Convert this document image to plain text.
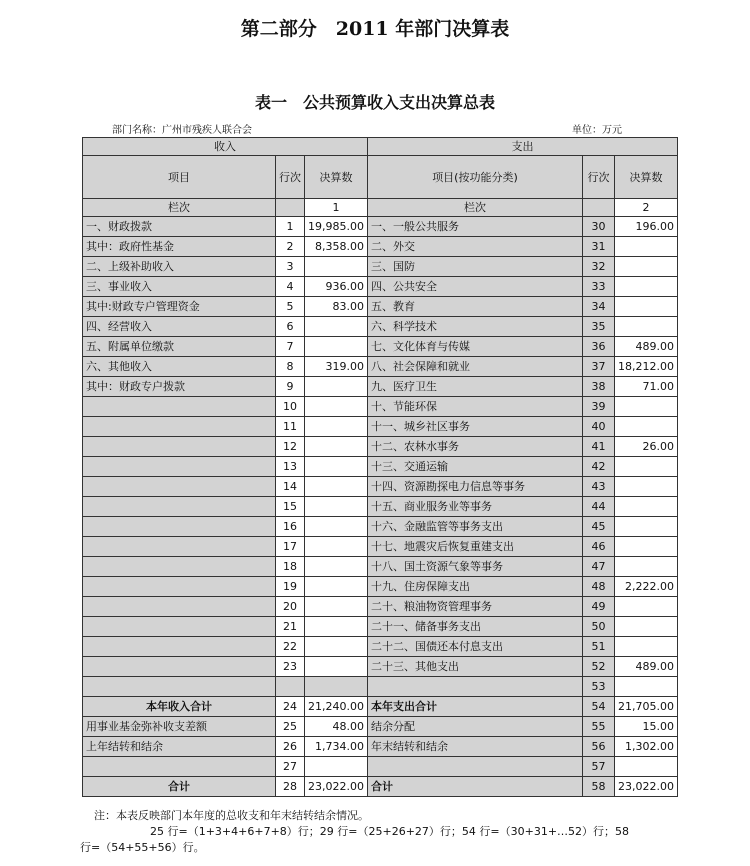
第二部分　2011 年部门决算表
表一　公共预算收入支出决算总表
部门名称：广州市残疾人联合会	单位：万元
收入			支出		
项目	行次	决算数	项目(按功能分类)	行次	决算数
栏次		1	栏次		2
一、财政拨款	1	19,985.00	一、一般公共服务	30	196.00
其中：政府性基金	2	8,358.00	二、外交	31	
二、上级补助收入	3		三、国防	32	
三、事业收入	4	936.00	四、公共安全	33	
其中:财政专户管理资金	5	83.00	五、教育	34	
四、经营收入	6		六、科学技术	35	
五、附属单位缴款	7		七、文化体育与传媒	36	489.00
六、其他收入	8	319.00	八、社会保障和就业	37	18,212.00
其中：财政专户拨款	9		九、医疗卫生	38	71.00
	10		十、节能环保	39	
	11		十一、城乡社区事务	40	
	12		十二、农林水事务	41	26.00
	13		十三、交通运输	42	
	14		十四、资源勘探电力信息等事务	43	
	15		十五、商业服务业等事务	44	
	16		十六、金融监管等事务支出	45	
	17		十七、地震灾后恢复重建支出	46	
	18		十八、国土资源气象等事务	47	
	19		十九、住房保障支出	48	2,222.00
	20		二十、粮油物资管理事务	49	
	21		二十一、储备事务支出	50	
	22		二十二、国债还本付息支出	51	
	23		二十三、其他支出	52	489.00
				53	
本年收入合计	24	21,240.00	本年支出合计	54	21,705.00
用事业基金弥补收支差额	25	48.00	结余分配	55	15.00
上年结转和结余	26	1,734.00	年末结转和结余	56	1,302.00
	27			57	
合计	28	23,022.00	合计	58	23,022.00
注：本表反映部门本年度的总收支和年末结转结余情况。
25 行=（1+3+4+6+7+8）行；29 行=（25+26+27）行；54 行=（30+31+…52）行；58
行=（54+55+56）行。
